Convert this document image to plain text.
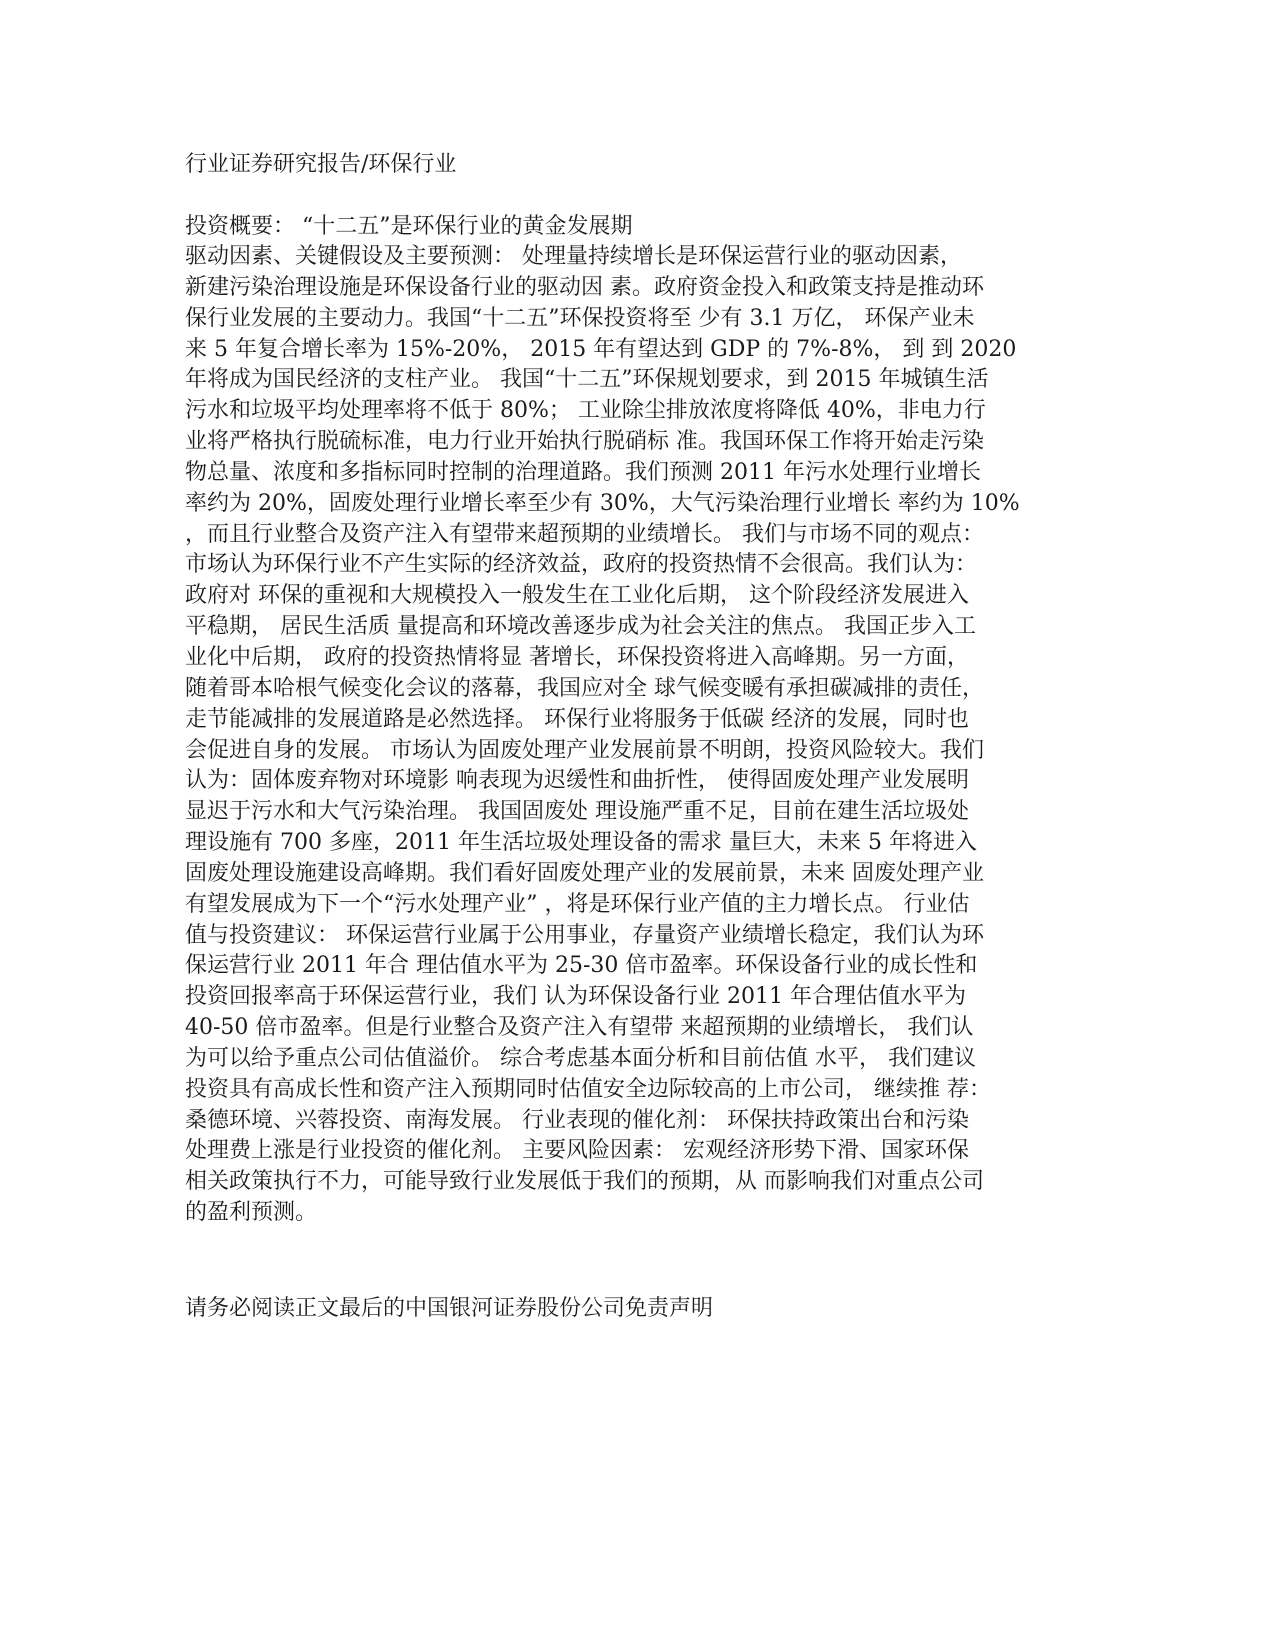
行业证券研究报告/环保行业
投资概要： “十二五”是环保行业的黄金发展期
驱动因素、关键假设及主要预测： 处理量持续增长是环保运营行业的驱动因素，
新建污染治理设施是环保设备行业的驱动因 素。政府资金投入和政策支持是推动环
保行业发展的主要动力。我国“十二五”环保投资将至 少有 3.1 万亿， 环保产业未
来 5 年复合增长率为 15%-20%， 2015 年有望达到 GDP 的 7%-8%， 到 到 2020
年将成为国民经济的支柱产业。 我国“十二五”环保规划要求，到 2015 年城镇生活
污水和垃圾平均处理率将不低于 80%； 工业除尘排放浓度将降低 40%，非电力行
业将严格执行脱硫标准，电力行业开始执行脱硝标 准。我国环保工作将开始走污染
物总量、浓度和多指标同时控制的治理道路。我们预测 2011 年污水处理行业增长
率约为 20%，固废处理行业增长率至少有 30%，大气污染治理行业增长 率约为 10%
，而且行业整合及资产注入有望带来超预期的业绩增长。 我们与市场不同的观点：
市场认为环保行业不产生实际的经济效益，政府的投资热情不会很高。我们认为：
政府对 环保的重视和大规模投入一般发生在工业化后期， 这个阶段经济发展进入
平稳期， 居民生活质 量提高和环境改善逐步成为社会关注的焦点。 我国正步入工
业化中后期， 政府的投资热情将显 著增长，环保投资将进入高峰期。另一方面，
随着哥本哈根气候变化会议的落幕，我国应对全 球气候变暖有承担碳减排的责任，
走节能减排的发展道路是必然选择。 环保行业将服务于低碳 经济的发展，同时也
会促进自身的发展。 市场认为固废处理产业发展前景不明朗，投资风险较大。我们
认为：固体废弃物对环境影 响表现为迟缓性和曲折性， 使得固废处理产业发展明
显迟于污水和大气污染治理。 我国固废处 理设施严重不足，目前在建生活垃圾处
理设施有 700 多座，2011 年生活垃圾处理设备的需求 量巨大，未来 5 年将进入
固废处理设施建设高峰期。我们看好固废处理产业的发展前景，未来 固废处理产业
有望发展成为下一个“污水处理产业” ，将是环保行业产值的主力增长点。 行业估
值与投资建议： 环保运营行业属于公用事业，存量资产业绩增长稳定，我们认为环
保运营行业 2011 年合 理估值水平为 25-30 倍市盈率。环保设备行业的成长性和
投资回报率高于环保运营行业，我们 认为环保设备行业 2011 年合理估值水平为
40-50 倍市盈率。但是行业整合及资产注入有望带 来超预期的业绩增长， 我们认
为可以给予重点公司估值溢价。 综合考虑基本面分析和目前估值 水平， 我们建议
投资具有高成长性和资产注入预期同时估值安全边际较高的上市公司， 继续推 荐：
桑德环境、兴蓉投资、南海发展。 行业表现的催化剂： 环保扶持政策出台和污染
处理费上涨是行业投资的催化剂。 主要风险因素： 宏观经济形势下滑、国家环保
相关政策执行不力，可能导致行业发展低于我们的预期，从 而影响我们对重点公司
的盈利预测。
请务必阅读正文最后的中国银河证券股份公司免责声明
